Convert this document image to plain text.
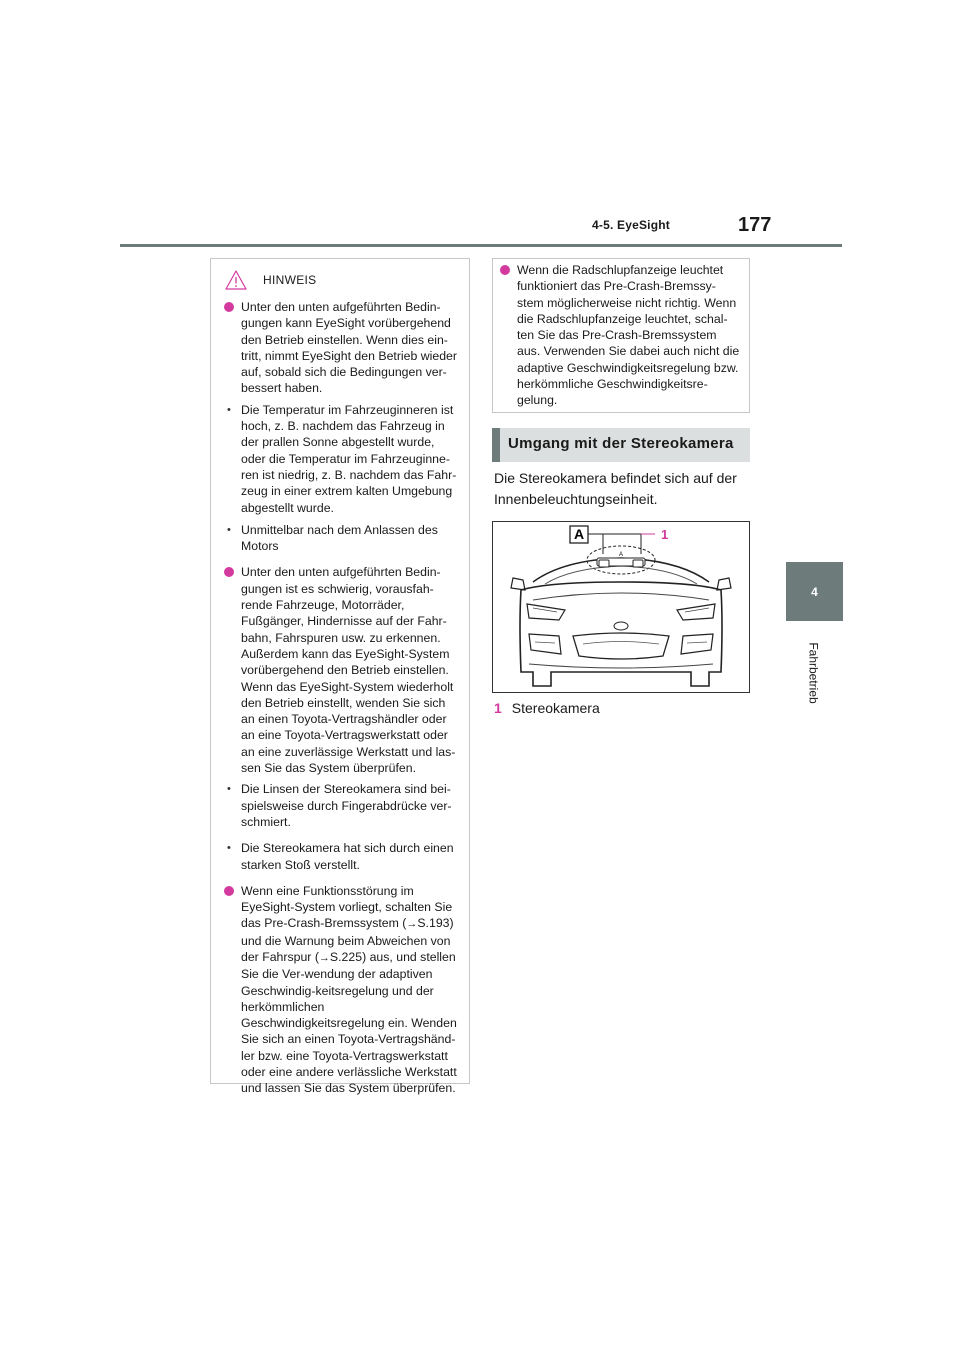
4-5. EyeSight	177
4
Fahrbetrieb
HINWEIS
Unter den unten aufgeführten Bedin-gungen kann EyeSight vorübergehend den Betrieb einstellen. Wenn dies ein-tritt, nimmt EyeSight den Betrieb wieder auf, sobald sich die Bedingungen ver-bessert haben.
• Die Temperatur im Fahrzeuginneren ist hoch, z. B. nachdem das Fahrzeug in der prallen Sonne abgestellt wurde, oder die Temperatur im Fahrzeuginne-ren ist niedrig, z. B. nachdem das Fahr-zeug in einer extrem kalten Umgebung abgestellt wurde.
• Unmittelbar nach dem Anlassen des Motors
Unter den unten aufgeführten Bedin-gungen ist es schwierig, vorausfah-rende Fahrzeuge, Motorräder, Fußgänger, Hindernisse auf der Fahr-bahn, Fahrspuren usw. zu erkennen. Außerdem kann das EyeSight-System vorübergehend den Betrieb einstellen. Wenn das EyeSight-System wiederholt den Betrieb einstellt, wenden Sie sich an einen Toyota-Vertragshändler oder an eine Toyota-Vertragswerkstatt oder an eine zuverlässige Werkstatt und las-sen Sie das System überprüfen.
• Die Linsen der Stereokamera sind bei-spielsweise durch Fingerabdrücke ver-schmiert.
• Die Stereokamera hat sich durch einen starken Stoß verstellt.
Wenn eine Funktionsstörung im EyeSight-System vorliegt, schalten Sie das Pre-Crash-Bremssystem (→S.193) und die Warnung beim Abweichen von der Fahrspur (→S.225) aus, und stellen Sie die Ver-wendung der adaptiven Geschwindig-keitsregelung und der herkömmlichen Geschwindigkeitsregelung ein. Wenden Sie sich an einen Toyota-Vertragshänd-ler bzw. eine Toyota-Vertragswerkstatt oder eine andere verlässliche Werkstatt und lassen Sie das System überprüfen.
Wenn die Radschlupfanzeige leuchtet funktioniert das Pre-Crash-Bremssy-stem möglicherweise nicht richtig. Wenn die Radschlupfanzeige leuchtet, schal-ten Sie das Pre-Crash-Bremssystem aus. Verwenden Sie dabei auch nicht die adaptive Geschwindigkeitsregelung bzw. herkömmliche Geschwindigkeitsre-gelung.
Umgang mit der Stereokamera
Die Stereokamera befindet sich auf der Innenbeleuchtungseinheit.
A	1
A
1 Stereokamera
